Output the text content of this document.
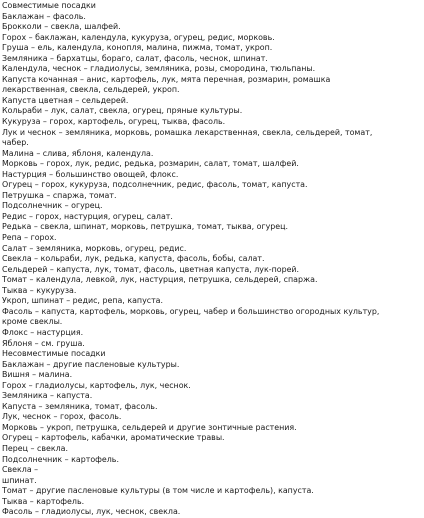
Совместимые посадки
Баклажан – фасоль.
Брокколи – свекла, шалфей.
Горох – баклажан, календула, кукуруза, огурец, редис, морковь.
Груша – ель, календула, конопля, малина, пижма, томат, укроп.
Земляника – бархатцы, бораго, салат, фасоль, чеснок, шпинат.
Календула, чеснок – гладиолусы, земляника, розы, смородина, тюльпаны.
Капуста кочанная – анис, картофель, лук, мята перечная, розмарин, ромашка
лекарственная, свекла, сельдерей, укроп.
Капуста цветная – сельдерей.
Кольраби – лук, салат, свекла, огурец, пряные культуры.
Кукуруза – горох, картофель, огурец, тыква, фасоль.
Лук и чеснок – земляника, морковь, ромашка лекарственная, свекла, сельдерей, томат,
чабер.
Малина – слива, яблоня, календула.
Морковь – горох, лук, редис, редька, розмарин, салат, томат, шалфей.
Настурция – большинство овощей, флокс.
Огурец – горох, кукуруза, подсолнечник, редис, фасоль, томат, капуста.
Петрушка – спаржа, томат.
Подсолнечник – огурец.
Редис – горох, настурция, огурец, салат.
Редька – свекла, шпинат, морковь, петрушка, томат, тыква, огурец.
Репа – горох.
Салат – земляника, морковь, огурец, редис.
Свекла – кольраби, лук, редька, капуста, фасоль, бобы, салат.
Сельдерей – капуста, лук, томат, фасоль, цветная капуста, лук-порей.
Томат – календула, левкой, лук, настурция, петрушка, сельдерей, спаржа.
Тыква – кукуруза.
Укроп, шпинат – редис, репа, капуста.
Фасоль – капуста, картофель, морковь, огурец, чабер и большинство огородных культур,
кроме свеклы.
Флокс – настурция.
Яблоня – см. груша.
Несовместимые посадки
Баклажан – другие пасленовые культуры.
Вишня – малина.
Горох – гладиолусы, картофель, лук, чеснок.
Земляника – капуста.
Капуста – земляника, томат, фасоль.
Лук, чеснок – горох, фасоль.
Морковь – укроп, петрушка, сельдерей и другие зонтичные растения.
Огурец – картофель, кабачки, ароматические травы.
Перец – свекла.
Подсолнечник – картофель.
Свекла –
шпинат.
Томат – другие пасленовые культуры (в том числе и картофель), капуста.
Тыква – картофель.
Фасоль – гладиолусы, лук, чеснок, свекла.
